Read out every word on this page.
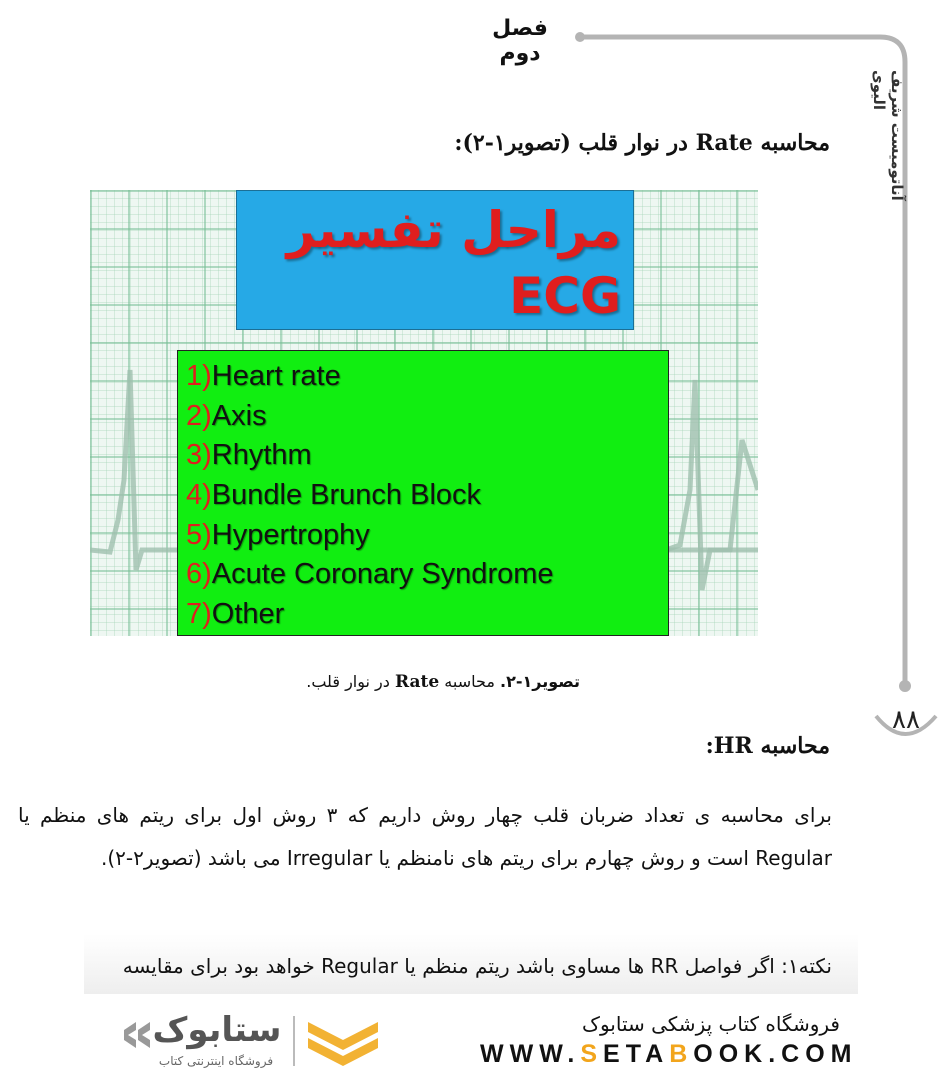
فصل دوم
آناتومیست شریف الیوی
۸۸
محاسبه Rate در نوار قلب (تصویر۱-۲):
مراحل تفسیر
ECG
1)Heart rate
2)Axis
3)Rhythm
4)Bundle Brunch Block
5)Hypertrophy
6)Acute Coronary Syndrome
7)Other
تصویر۱-۲. محاسبه Rate در نوار قلب.
محاسبه HR:
برای محاسبه ی تعداد ضربان قلب چهار روش داریم که ۳ روش اول برای ریتم های منظم یا Regular است و روش چهارم برای ریتم های نامنظم یا Irregular می باشد (تصویر۲-۲).
نکته۱: اگر فواصل RR ها مساوی باشد ریتم منظم یا Regular خواهد بود برای مقایسه
ستابوک
فروشگاه اینترنتی کتاب
فروشگاه کتاب پزشکی ستابوک
WWW.SETABOOK.COM
